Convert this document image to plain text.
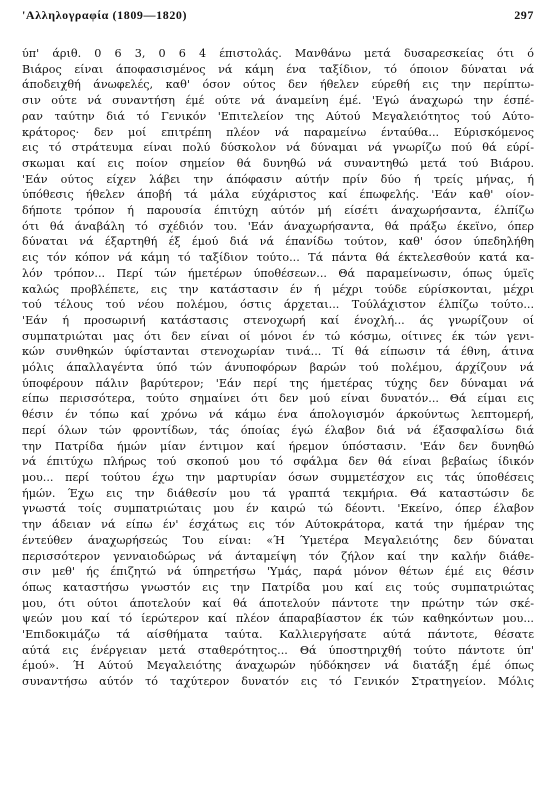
'Αλληλογραφία (1809—1820)	297
ύπ' άριθ. 0 6 3, 0 6 4 έπιστολάς. Μανθάνω μετά δυσαρεσκείας ότι ό
Βιάρος είναι άποφασισμένος νά κάμη ένα ταξίδιον, τό όποιον δύναται νά
άποδειχθή άνωφελές, καθ' όσον ούτος δεν ήθελεν εύρεθή εις την περίπτω-
σιν ούτε νά συναντήση έμέ ούτε νά άναμείνη έμέ. 'Εγώ άναχωρώ την έσπέ-
ραν ταύτην διά τό Γενικόν 'Επιτελείον της Αύτού Μεγαλειότητος τού Αύτο-
κράτορος· δεν μοί επιτρέπη πλέον νά παραμείνω ένταύθα... Εύρισκόμενος
εις τό στράτευμα είναι πολύ δύσκολον νά δύναμαι νά γνωρίζω πού θά εύρί-
σκωμαι καί εις ποίον σημείον θά δυνηθώ νά συναντηθώ μετά τού Βιάρου.
'Εάν ούτος είχεν λάβει την άπόφασιν αύτήν πρίν δύο ή τρείς μήνας, ή
ύπόθεσις ήθελεν άποβή τά μάλα εύχάριστος καί έπωφελής. 'Εάν καθ' οίον-
δήποτε τρόπον ή παρουσία έπιτύχη αύτόν μή είσέτι άναχωρήσαντα, έλπίζω
ότι θά άναβάλη τό σχέδιόν του. 'Εάν άναχωρήσαντα, θά πράξω έκεϊνο, όπερ
δύναται νά έξαρτηθή έξ έμού διά νά έπανίδω τούτον, καθ' όσον ύπεδηλήθη
εις τόν κόπον νά κάμη τό ταξίδιον τούτο... Τά πάντα θά έκτελεσθούν κατά κα-
λόν τρόπον... Περί τών ήμετέρων ύποθέσεων... Θά παραμείνωσιν, όπως ύμεϊς
καλώς προβλέπετε, εις την κατάστασιν έν ή μέχρι τούδε εύρίσκονται, μέχρι
τού τέλους τού νέου πολέμου, όστις άρχεται... Τούλάχιστον έλπίζω τούτο...
'Εάν ή προσωρινή κατάστασις στενοχωρή καί ένοχλή... άς γνωρίζουν οί
συμπατριώται μας ότι δεν είναι οί μόνοι έν τώ κόσμω, οίτινες έκ τών γενι-
κών συνθηκών ύφίστανται στενοχωρίαν τινά... Τί θά είπωσιν τά έθνη, άτινα
μόλις άπαλλαγέντα ύπό τών άνυποφόρων βαρών τού πολέμου, άρχίζουν νά
ύποφέρουν πάλιν βαρύτερον; 'Εάν περί της ήμετέρας τύχης δεν δύναμαι νά
είπω περισσότερα, τούτο σημαίνει ότι δεν μού είναι δυνατόν... Θά είμαι εις
θέσιν έν τόπω καί χρόνω νά κάμω ένα άπολογισμόν άρκούντως λεπτομερή,
περί όλων τών φροντίδων, τάς όποίας έγώ έλαβον διά νά έξασφαλίσω διά
την Πατρίδα ήμών μίαν έντιμον καί ήρεμον ύπόστασιν. 'Εάν δεν δυνηθώ
νά έπιτύχω πλήρως τού σκοπού μου τό σφάλμα δεν θά είναι βεβαίως ίδικόν
μου... περί τούτου έχω την μαρτυρίαν όσων συμμετέσχον εις τάς ύποθέσεις
ήμών. Έχω εις την διάθεσίν μου τά γραπτά τεκμήρια. Θά καταστώσιν δε
γνωστά τοίς συμπατριώταις μου έν καιρώ τώ δέοντι. 'Εκείνο, όπερ έλαβον
την άδειαν νά είπω έν' έσχάτως εις τόν Αύτοκράτορα, κατά την ήμέραν της
έντεύθεν άναχωρήσεώς Του είναι: «Ή Ύμετέρα Μεγαλειότης δεν δύναται
περισσότερον γενναιοδώρως νά άνταμείψη τόν ζήλον καί την καλήν διάθε-
σιν μεθ' ής έπιζητώ νά ύπηρετήσω 'Υμάς, παρά μόνον θέτων έμέ εις θέσιν
όπως καταστήσω γνωστόν εις την Πατρίδα μου καί εις τούς συμπατριώτας
μου, ότι ούτοι άποτελούν καί θά άποτελούν πάντοτε την πρώτην τών σκέ-
ψεών μου καί τό ίερώτερον καί πλέον άπαραβίαστον έκ τών καθηκόντων μου...
'Επιδοκιμάζω τά αίσθήματα ταύτα. Καλλιεργήσατε αύτά πάντοτε, θέσατε
αύτά εις ένέργειαν μετά σταθερότητος... Θά ύποστηριχθή τούτο πάντοτε ύπ'
έμού». Ή Αύτού Μεγαλειότης άναχωρών ηύδόκησεν νά διατάξη έμέ όπως
συναντήσω αύτόν τό ταχύτερον δυνατόν εις τό Γενικόν Στρατηγείον. Μόλις
